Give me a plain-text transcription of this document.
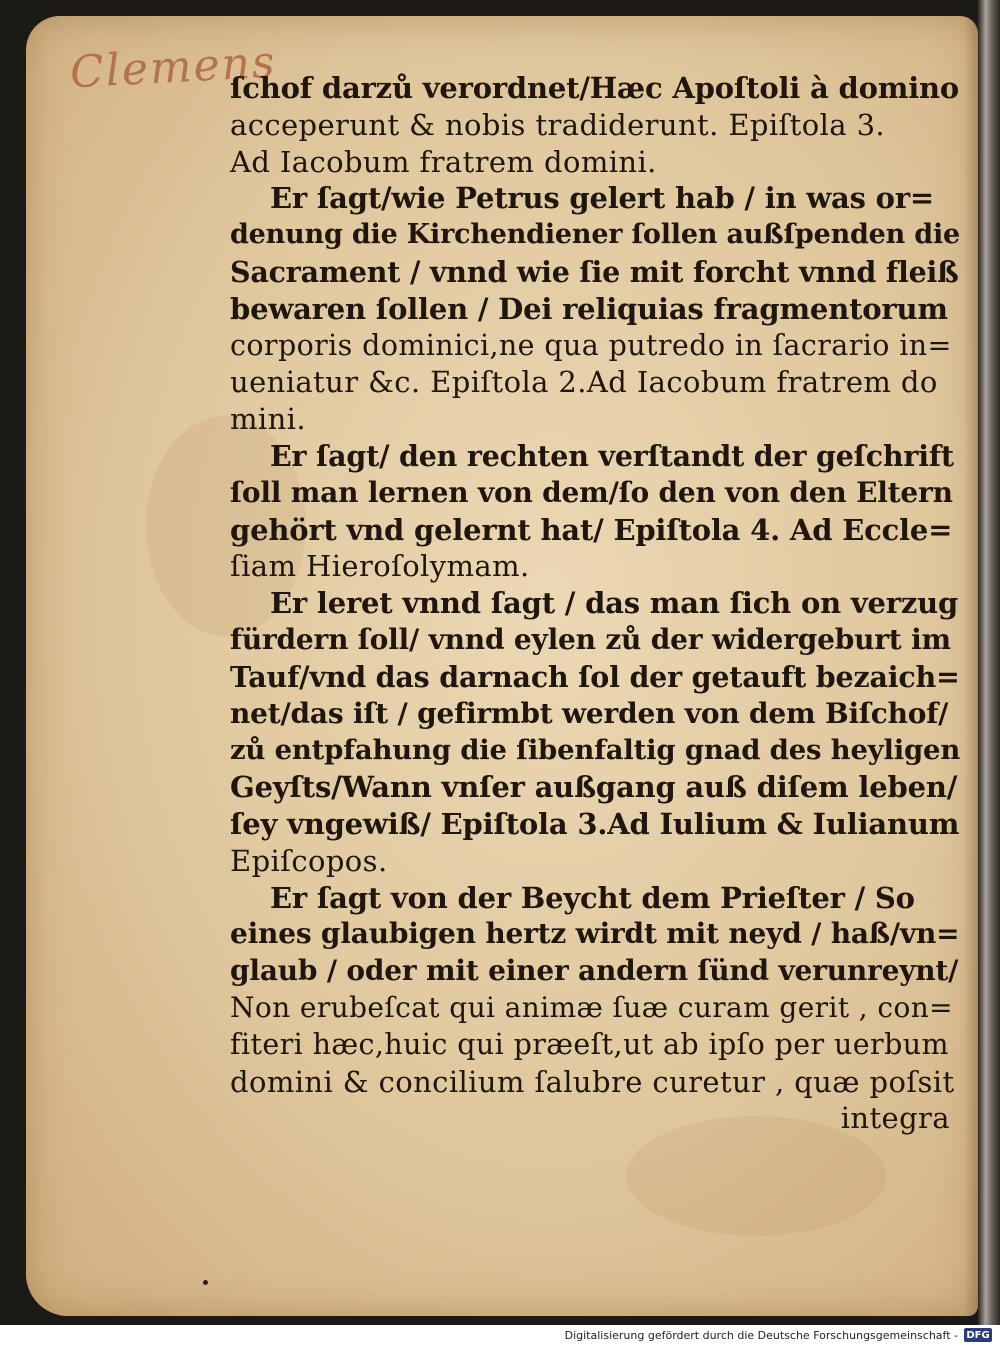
Clemens
ſchof darzů verordnet/Hæc Apoſtoli à domino
acceperunt & nobis tradiderunt. Epiſtola 3.
Ad Iacobum fratrem domini.
Er ſagt/wie Petrus gelert hab / in was or=
denung die Kirchendiener ſollen außſpenden die
Sacrament / vnnd wie ſie mit forcht vnnd fleiß
bewaren ſollen / Dei reliquias fragmentorum
corporis dominici,ne qua putredo in ſacrario in=
ueniatur &c. Epiſtola 2.Ad Iacobum fratrem do
mini.
Er ſagt/ den rechten verſtandt der geſchrift
ſoll man lernen von dem/ſo den von den Eltern
gehört vnd gelernt hat/ Epiſtola 4. Ad Eccle=
ſiam Hieroſolymam.
Er leret vnnd ſagt / das man ſich on verzug
fürdern ſoll/ vnnd eylen zů der widergeburt im
Tauf/vnd das darnach ſol der getauft bezaich=
net/das iſt / gefirmbt werden von dem Biſchof/
zů entpfahung die ſibenfaltig gnad des heyligen
Geyſts/Wann vnſer außgang auß diſem leben/
ſey vngewiß/ Epiſtola 3.Ad Iulium & Iulianum
Epiſcopos.
Er ſagt von der Beycht dem Prieſter / So
eines glaubigen hertz wirdt mit neyd / haß/vn=
glaub / oder mit einer andern ſünd verunreynt/
Non erubeſcat qui animæ ſuæ curam gerit , con=
fiteri hæc,huic qui præeſt,ut ab ipſo per uerbum
domini & concilium ſalubre curetur , quæ poſsit
integra
Digitalisierung gefördert durch die Deutsche Forschungsgemeinschaft - DFG
